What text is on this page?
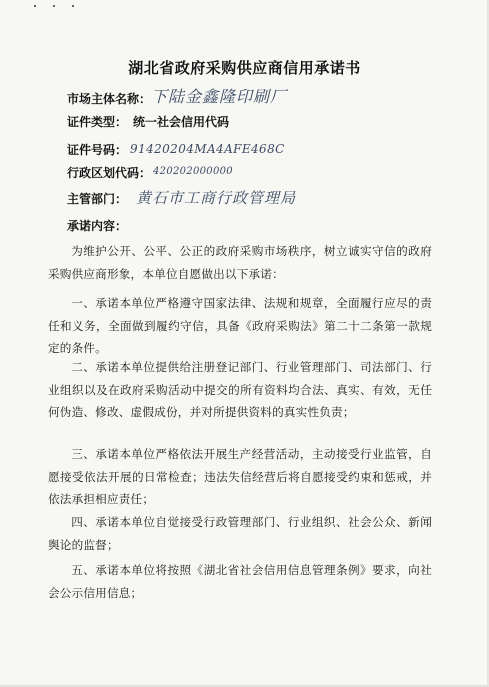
湖北省政府采购供应商信用承诺书
市场主体名称： 下陆金鑫隆印刷厂
证件类型： 统一社会信用代码
证件号码： 91420204MA4AFE468C
行政区划代码： 420202000000
主管部门： 黄石市工商行政管理局
承诺内容：

为维护公开、公平、公正的政府采购市场秩序，树立诚实守信的政府采购供应商形象，本单位自愿做出以下承诺：

一、承诺本单位严格遵守国家法律、法规和规章，全面履行应尽的责任和义务，全面做到履约守信，具备《政府采购法》第二十二条第一款规定的条件。

二、承诺本单位提供给注册登记部门、行业管理部门、司法部门、行业组织以及在政府采购活动中提交的所有资料均合法、真实、有效，无任何伪造、修改、虚假成份，并对所提供资料的真实性负责；

三、承诺本单位严格依法开展生产经营活动，主动接受行业监管，自愿接受依法开展的日常检查；违法失信经营后将自愿接受约束和惩戒，并依法承担相应责任；

四、承诺本单位自觉接受行政管理部门、行业组织、社会公众、新闻舆论的监督；

五、承诺本单位将按照《湖北省社会信用信息管理条例》要求，向社会公示信用信息；
